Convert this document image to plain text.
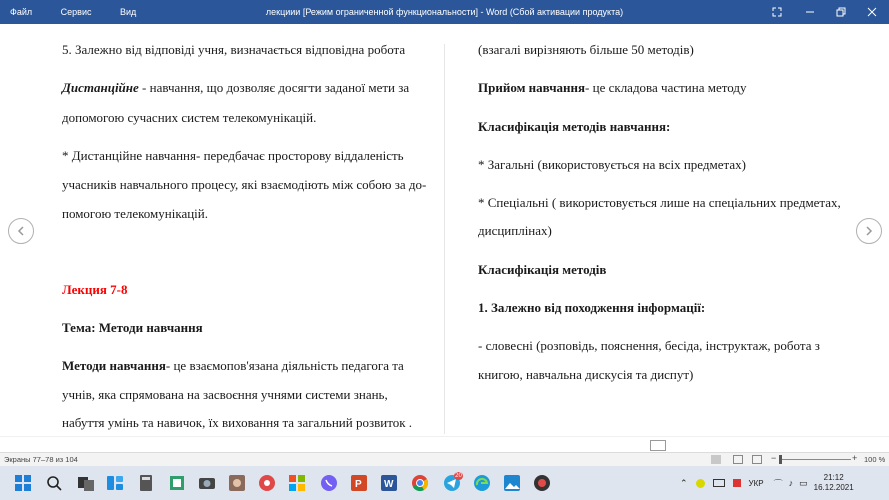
Файл	Сервис	Вид	лекциии [Режим ограниченной функциональности] - Word (Сбой активации продукта)
5. Залежно від відповіді учня, визначається відповідна робота
Дистанційне - навчання, що дозволяє досягти заданої мети за
допомогою сучасних систем телекомунікацій.
* Дистанційне навчання- передбачає просторову віддаленість
учасників навчального процесу, які взаємодіють між собою за до-
помогою телекомунікацій.
Лекция 7-8
Тема: Методи навчання
Методи навчання- це взаємопов'язана діяльність педагога та
учнів, яка спрямована на засвоєння учнями системи знань,
набуття умінь та навичок, їх виховання та загальний розвиток .
(взагалі вирізняють більше 50 методів)
Прийом навчання- це складова частина методу
Класифікація методів навчання:
* Загальні (використовується на всіх предметах)
* Спеціальні ( використовується лише на спеціальних предметах,
дисциплінах)
Класифікація методів
1. Залежно від походження інформації:
- словесні (розповідь, пояснення, бесіда, інструктаж, робота з
книгою, навчальна дискусія та диспут)
Экраны 77–78 из 104	−	+ 100 %
P W
20
⌃	УКР ⌒ ♪ ▭ 21:12
16.12.2021
